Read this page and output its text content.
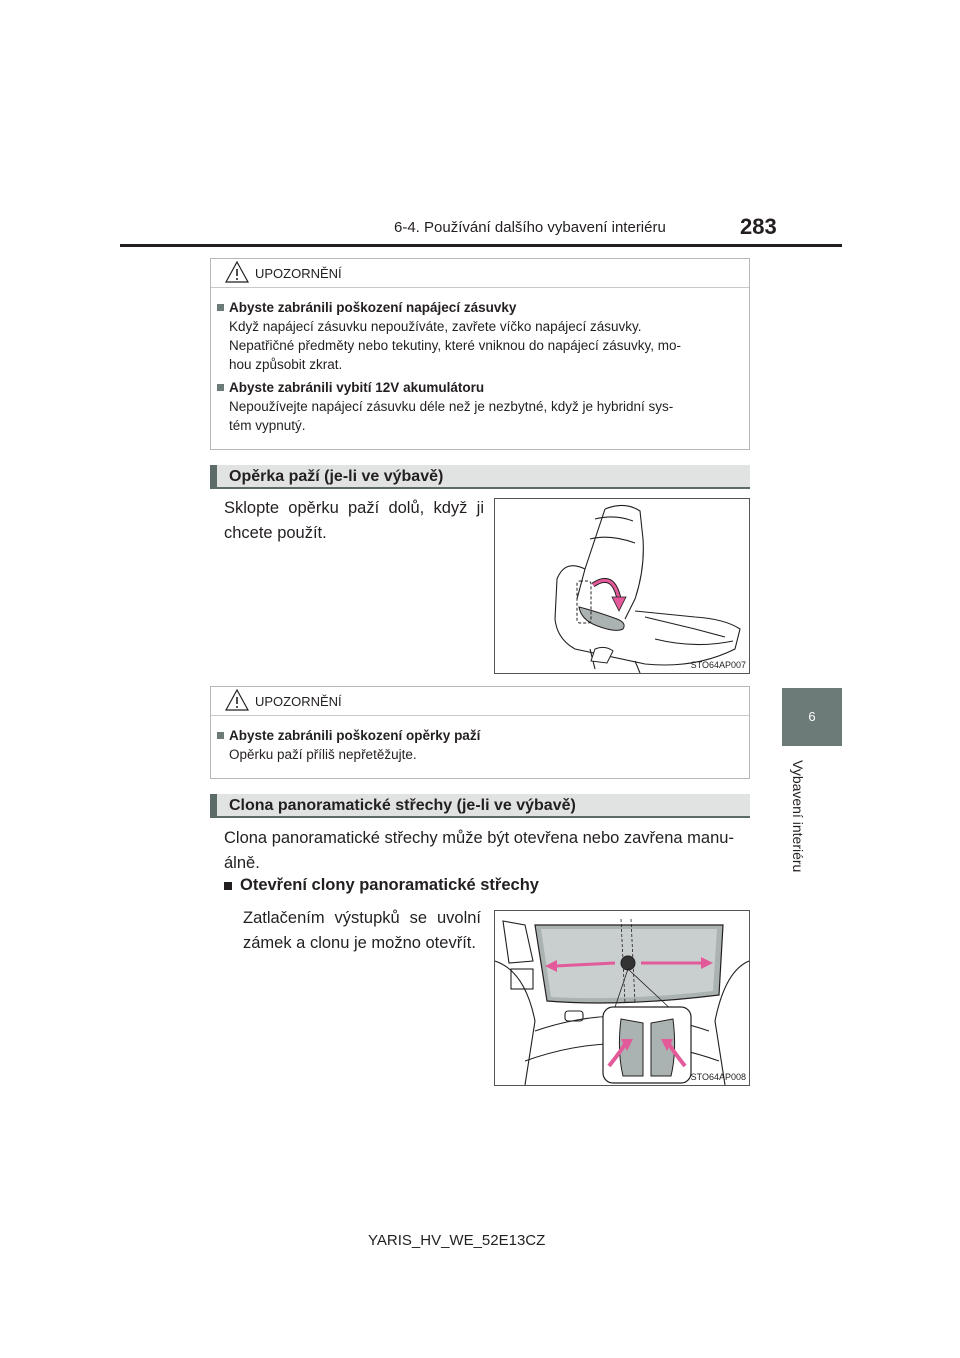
6-4. Používání dalšího vybavení interiéru	283
6
Vybavení interiéru
UPOZORNĚNÍ
Abyste zabránili poškození napájecí zásuvky
Když napájecí zásuvku nepoužíváte, zavřete víčko napájecí zásuvky.
Nepatřičné předměty nebo tekutiny, které vniknou do napájecí zásuvky, mo-
hou způsobit zkrat.
Abyste zabránili vybití 12V akumulátoru
Nepoužívejte napájecí zásuvku déle než je nezbytné, když je hybridní sys-
tém vypnutý.
Opěrka paží (je-li ve výbavě)
Sklopte opěrku paží dolů, když ji
chcete použít.
STO64AP007
UPOZORNĚNÍ
Abyste zabránili poškození opěrky paží
Opěrku paží příliš nepřetěžujte.
Clona panoramatické střechy (je-li ve výbavě)
Clona panoramatické střechy může být otevřena nebo zavřena manu-
álně.
Otevření clony panoramatické střechy
Zatlačením výstupků se uvolní
zámek a clonu je možno otevřít.
STO64AP008
YARIS_HV_WE_52E13CZ
